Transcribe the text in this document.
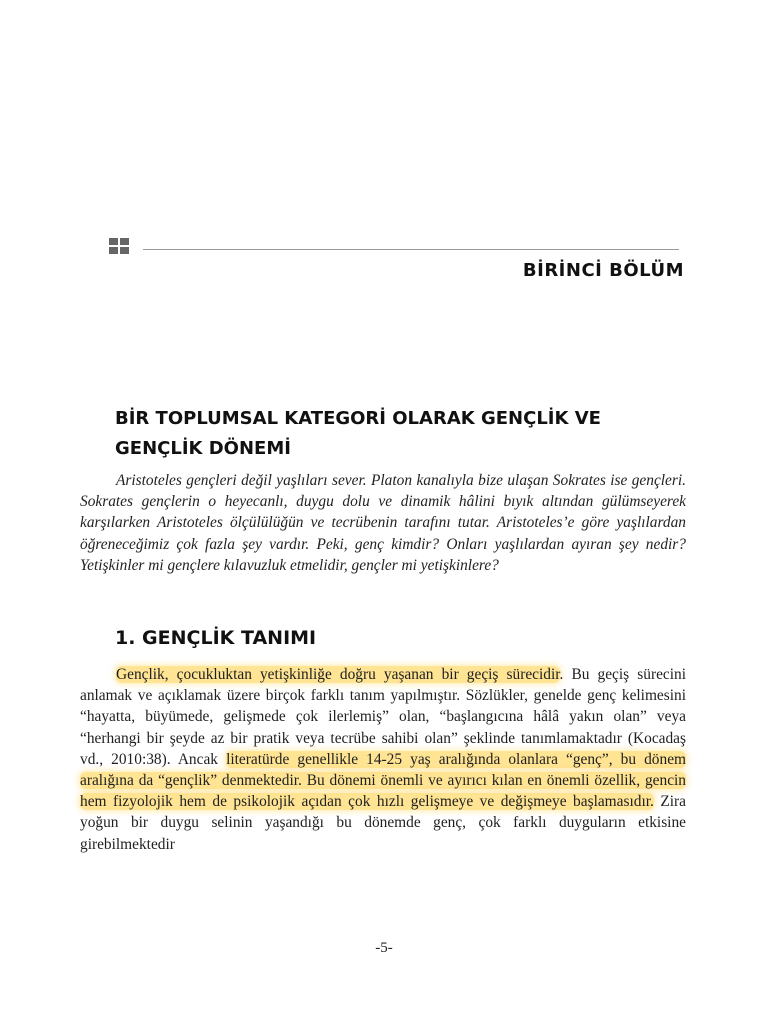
BİRİNCİ BÖLÜM
BİR TOPLUMSAL KATEGORİ OLARAK GENÇLİK VE
GENÇLİK DÖNEMİ

Aristoteles gençleri değil yaşlıları sever. Platon kanalıyla bize ulaşan Sokrates ise gençleri. Sokrates gençlerin o heyecanlı, duygu dolu ve dinamik hâlini bıyık altından gülümseyerek karşılarken Aristoteles ölçülülüğün ve tecrübenin tarafını tutar. Aristoteles’e göre yaşlılardan öğreneceğimiz çok fazla şey vardır. Peki, genç kimdir? Onları yaşlılardan ayıran şey nedir? Yetişkinler mi gençlere kılavuzluk etmelidir, gençler mi yetişkinlere?

1. GENÇLİK TANIMI

Gençlik, çocukluktan yetişkinliğe doğru yaşanan bir geçiş sürecidir. Bu geçiş sürecini anlamak ve açıklamak üzere birçok farklı tanım yapılmıştır. Sözlükler, genelde genç kelimesini “hayatta, büyümede, gelişmede çok ilerlemiş” olan, “başlangıcına hâlâ yakın olan” veya “herhangi bir şeyde az bir pratik veya tecrübe sahibi olan” şeklinde tanımlamaktadır (Kocadaş vd., 2010:38). Ancak literatürde genellikle 14-25 yaş aralığında olanlara “genç”, bu dönem aralığına da “gençlik” denmektedir. Bu dönemi önemli ve ayırıcı kılan en önemli özellik, gencin hem fizyolojik hem de psikolojik açıdan çok hızlı gelişmeye ve değişmeye başlamasıdır. Zira yoğun bir duygu selinin yaşandığı bu dönemde genç, çok farklı duyguların etkisine girebilmektedir

-5-
